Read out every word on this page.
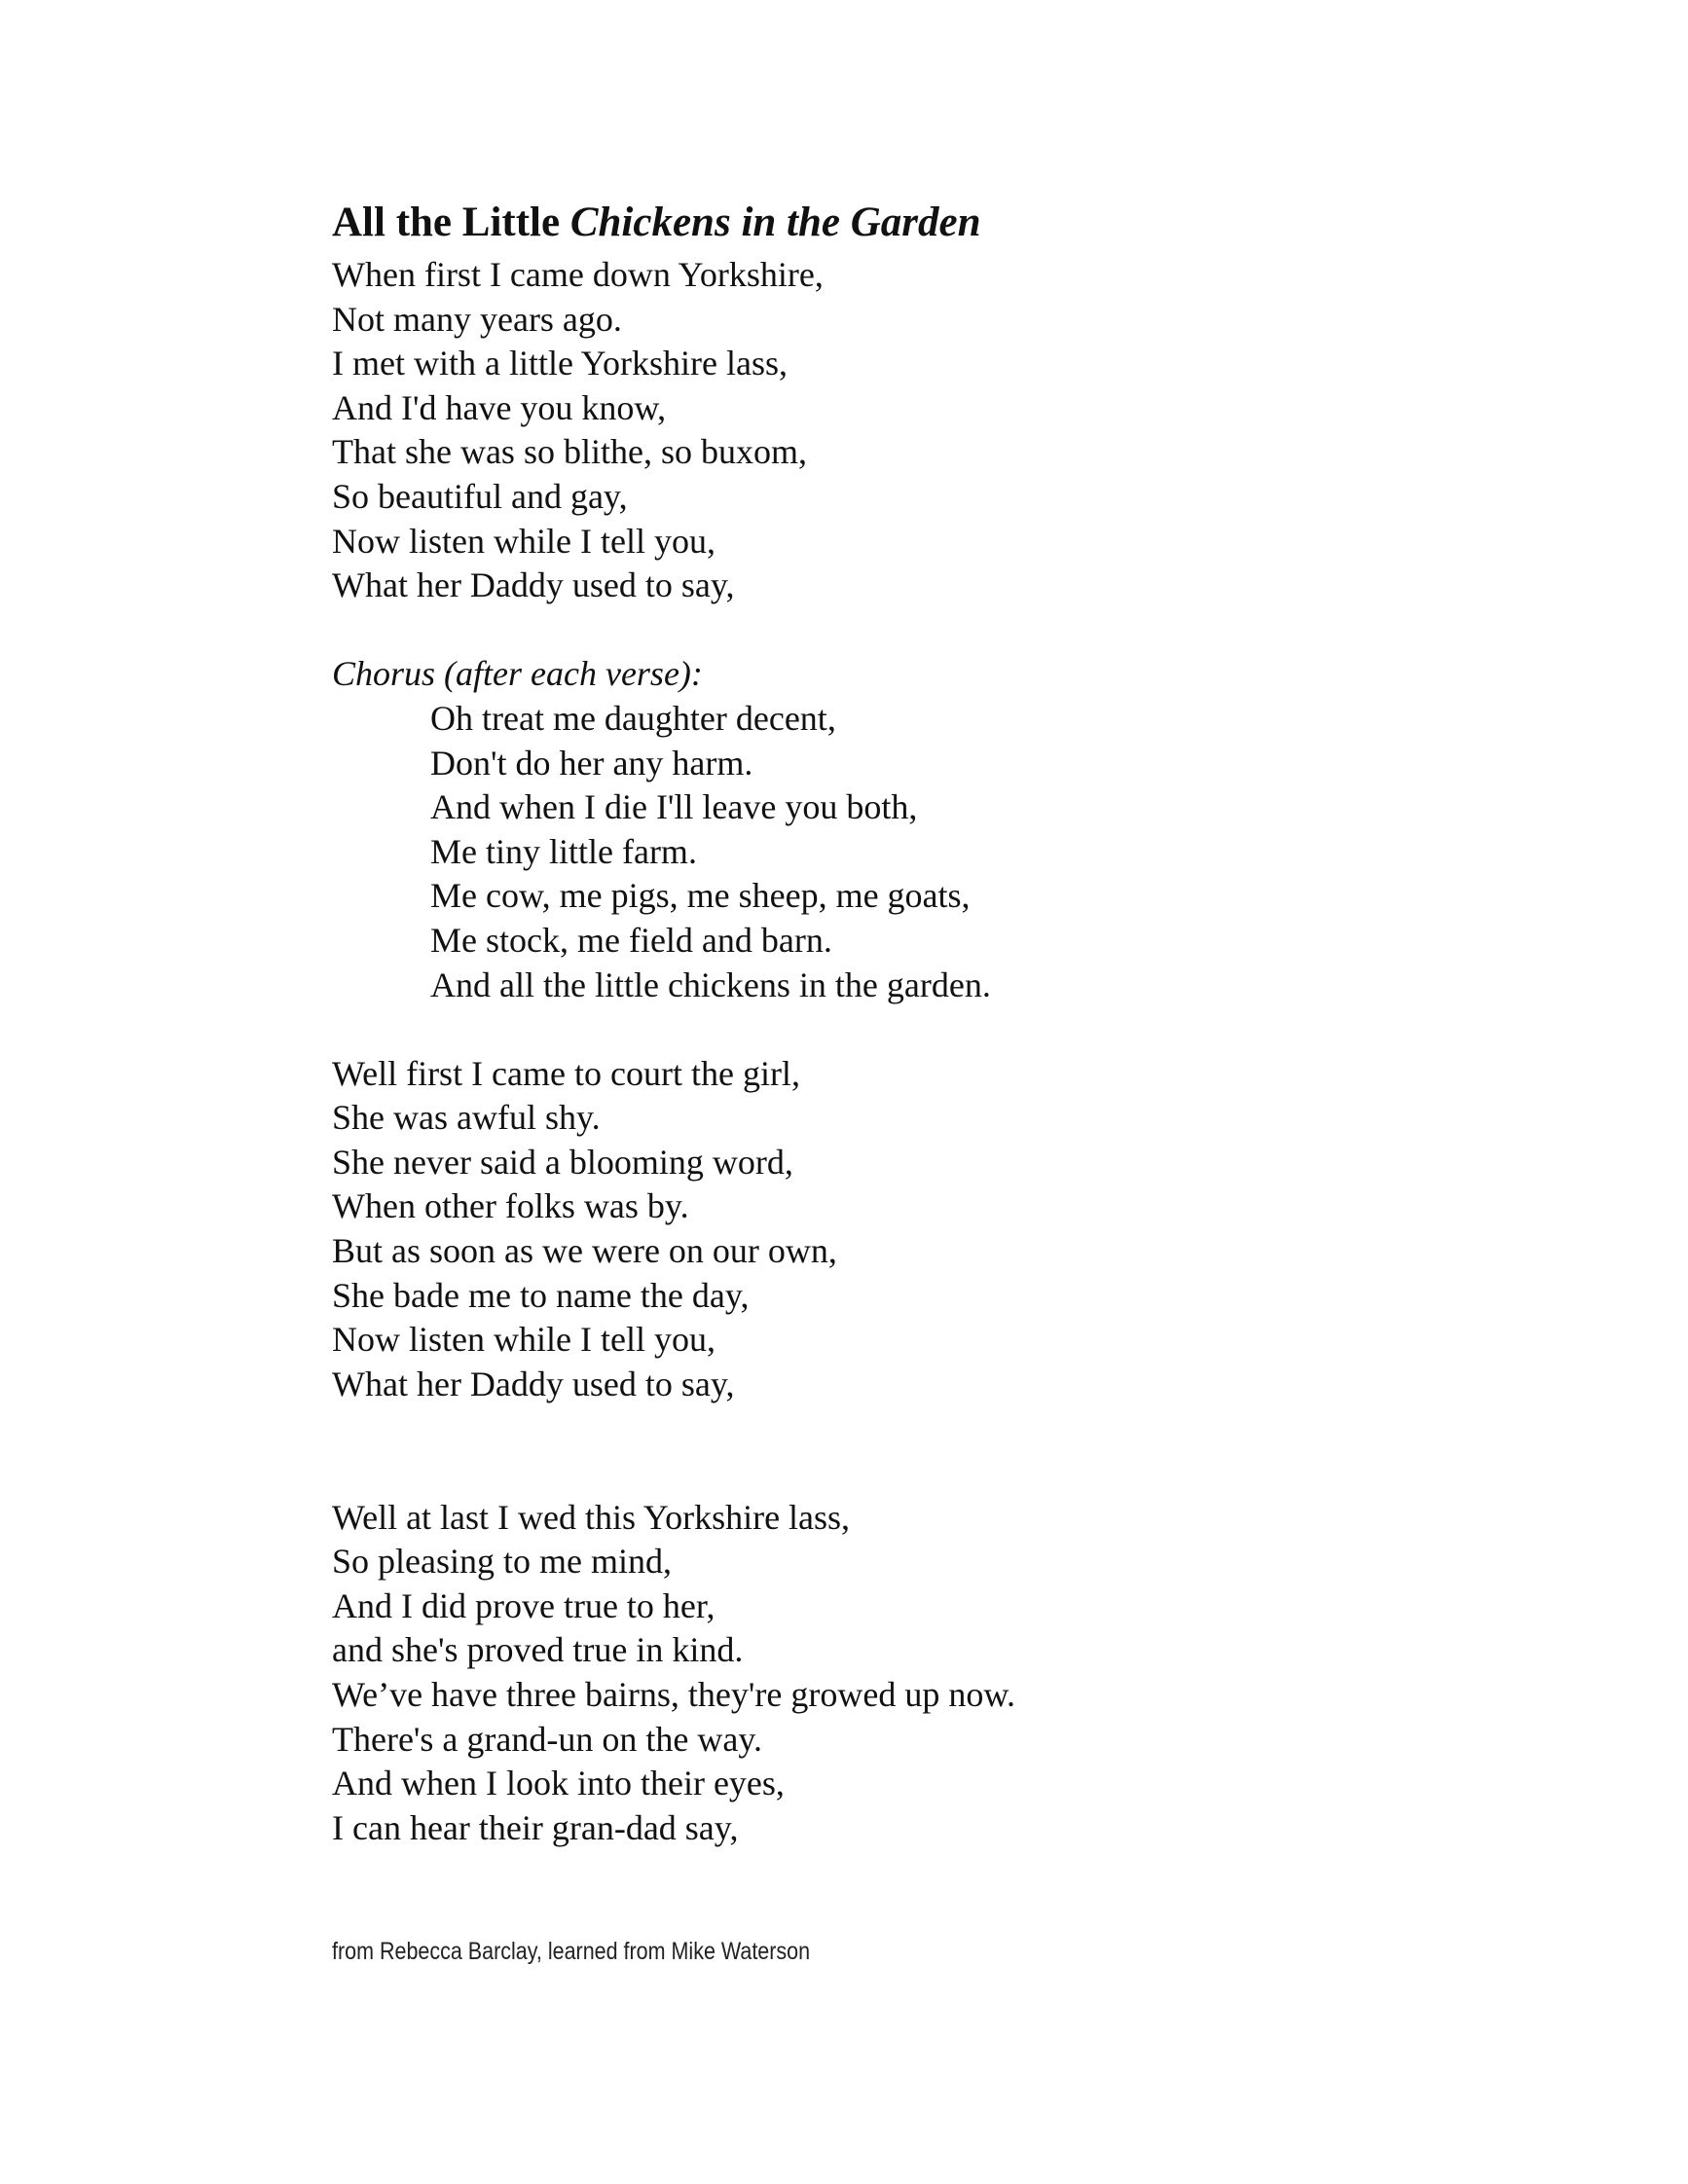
All the Little Chickens in the Garden
When first I came down Yorkshire,
Not many years ago.
I met with a little Yorkshire lass,
And I'd have you know,
That she was so blithe, so buxom,
So beautiful and gay,
Now listen while I tell you,
What her Daddy used to say,
Chorus (after each verse):
Oh treat me daughter decent,
Don't do her any harm.
And when I die I'll leave you both,
Me tiny little farm.
Me cow, me pigs, me sheep, me goats,
Me stock, me field and barn.
And all the little chickens in the garden.
Well first I came to court the girl,
She was awful shy.
She never said a blooming word,
When other folks was by.
But as soon as we were on our own,
She bade me to name the day,
Now listen while I tell you,
What her Daddy used to say,
Well at last I wed this Yorkshire lass,
So pleasing to me mind,
And I did prove true to her,
and she's proved true in kind.
We’ve have three bairns, they're growed up now.
There's a grand-un on the way.
And when I look into their eyes,
I can hear their gran-dad say,
from Rebecca Barclay, learned from Mike Waterson
